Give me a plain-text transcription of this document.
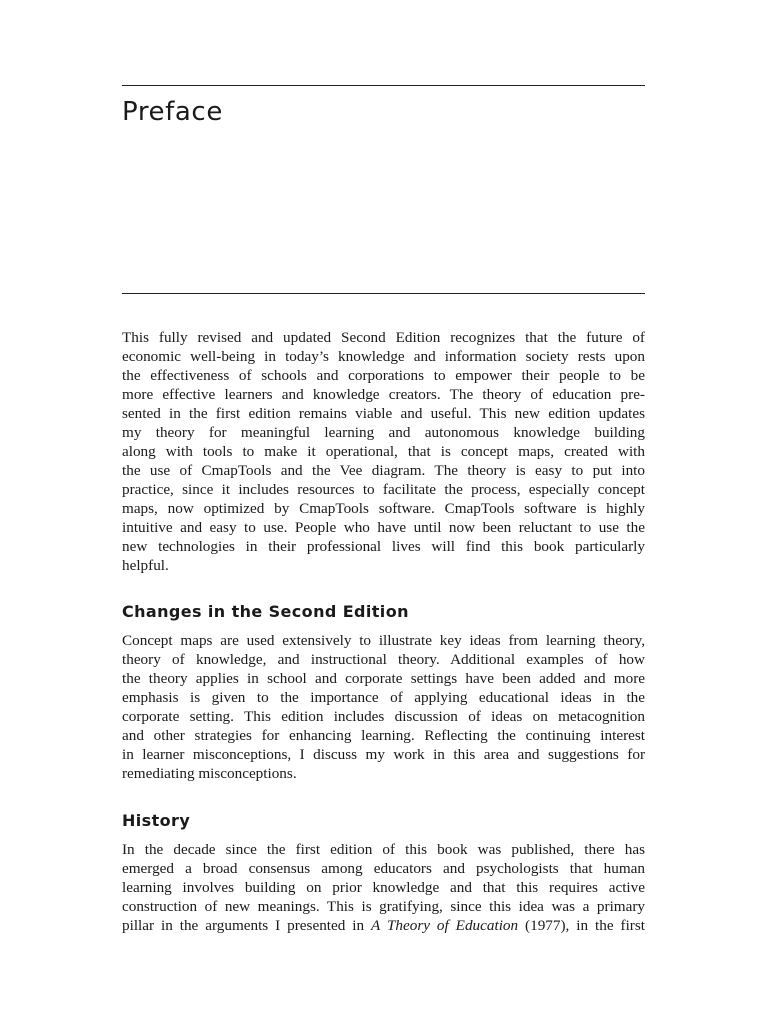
Preface
This fully revised and updated Second Edition recognizes that the future of
economic well-being in today’s knowledge and information society rests upon
the effectiveness of schools and corporations to empower their people to be
more effective learners and knowledge creators. The theory of education pre-
sented in the first edition remains viable and useful. This new edition updates
my theory for meaningful learning and autonomous knowledge building
along with tools to make it operational, that is concept maps, created with
the use of CmapTools and the Vee diagram. The theory is easy to put into
practice, since it includes resources to facilitate the process, especially concept
maps, now optimized by CmapTools software. CmapTools software is highly
intuitive and easy to use. People who have until now been reluctant to use the
new technologies in their professional lives will find this book particularly
helpful.
Changes in the Second Edition
Concept maps are used extensively to illustrate key ideas from learning theory,
theory of knowledge, and instructional theory. Additional examples of how
the theory applies in school and corporate settings have been added and more
emphasis is given to the importance of applying educational ideas in the
corporate setting. This edition includes discussion of ideas on metacognition
and other strategies for enhancing learning. Reflecting the continuing interest
in learner misconceptions, I discuss my work in this area and suggestions for
remediating misconceptions.
History
In the decade since the first edition of this book was published, there has
emerged a broad consensus among educators and psychologists that human
learning involves building on prior knowledge and that this requires active
construction of new meanings. This is gratifying, since this idea was a primary
pillar in the arguments I presented in A Theory of Education (1977), in the first
